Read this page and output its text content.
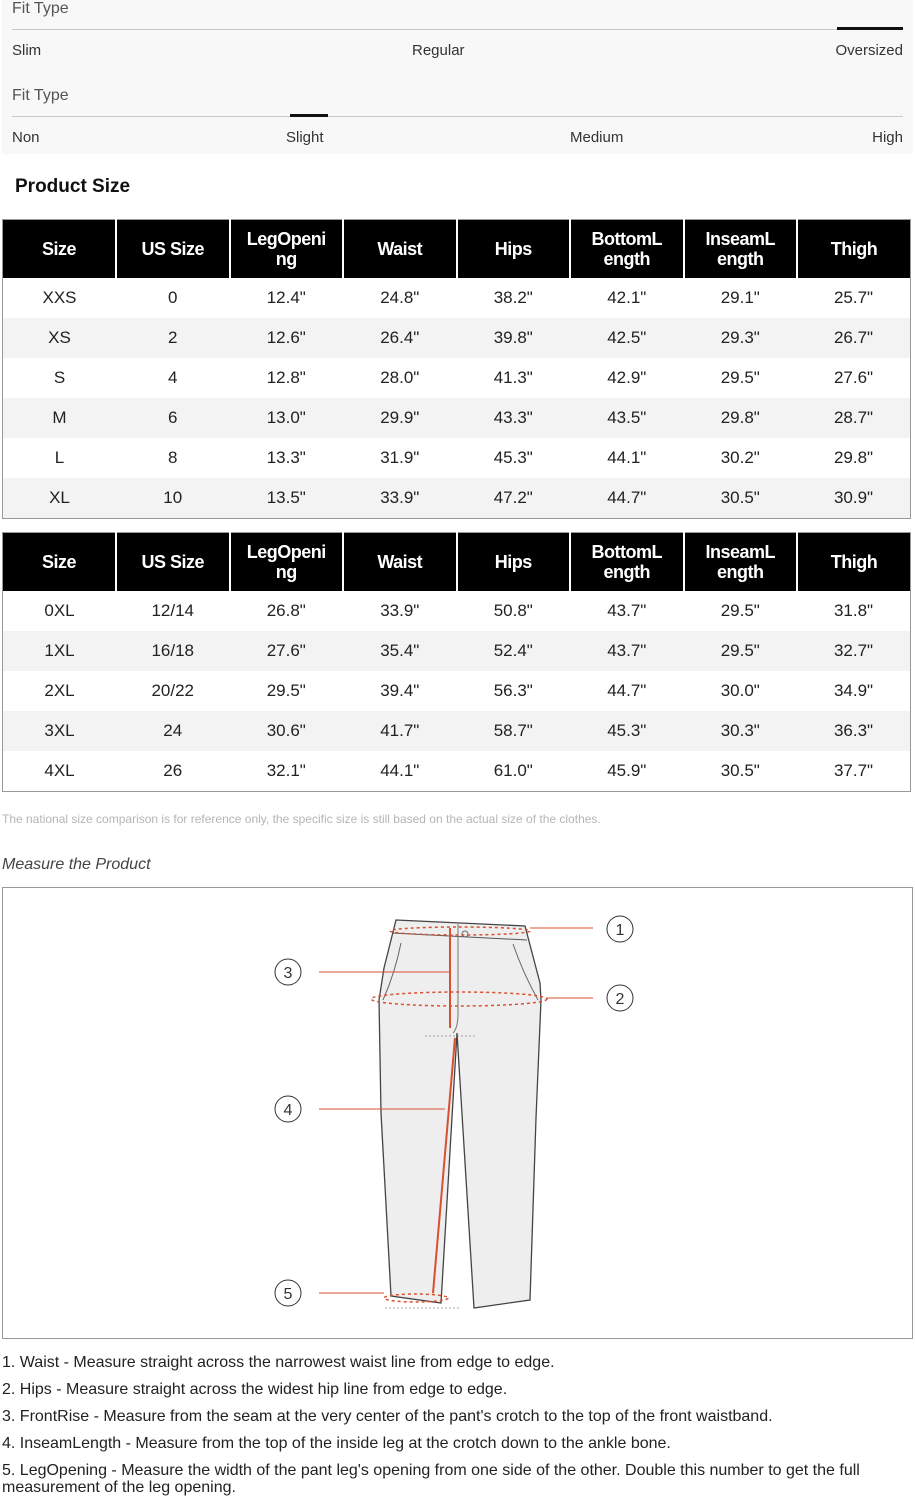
Fit Type
Slim	Regular	Oversized
Fit Type
Non	Slight	Medium	High
Product Size
Size	US Size	LegOpeni ng	Waist	Hips	BottomL ength	InseamL ength	Thigh
XXS	0	12.4"	24.8"	38.2"	42.1"	29.1"	25.7"
XS	2	12.6"	26.4"	39.8"	42.5"	29.3"	26.7"
S	4	12.8"	28.0"	41.3"	42.9"	29.5"	27.6"
M	6	13.0"	29.9"	43.3"	43.5"	29.8"	28.7"
L	8	13.3"	31.9"	45.3"	44.1"	30.2"	29.8"
XL	10	13.5"	33.9"	47.2"	44.7"	30.5"	30.9"
Size	US Size	LegOpeni ng	Waist	Hips	BottomL ength	InseamL ength	Thigh
0XL	12/14	26.8"	33.9"	50.8"	43.7"	29.5"	31.8"
1XL	16/18	27.6"	35.4"	52.4"	43.7"	29.5"	32.7"
2XL	20/22	29.5"	39.4"	56.3"	44.7"	30.0"	34.9"
3XL	24	30.6"	41.7"	58.7"	45.3"	30.3"	36.3"
4XL	26	32.1"	44.1"	61.0"	45.9"	30.5"	37.7"
The national size comparison is for reference only, the specific size is still based on the actual size of the clothes.
Measure the Product
1
2
3
4
5
1. Waist - Measure straight across the narrowest waist line from edge to edge.
2. Hips - Measure straight across the widest hip line from edge to edge.
3. FrontRise - Measure from the seam at the very center of the pant's crotch to the top of the front waistband.
4. InseamLength - Measure from the top of the inside leg at the crotch down to the ankle bone.
5. LegOpening - Measure the width of the pant leg's opening from one side of the other. Double this number to get the full measurement of the leg opening.
